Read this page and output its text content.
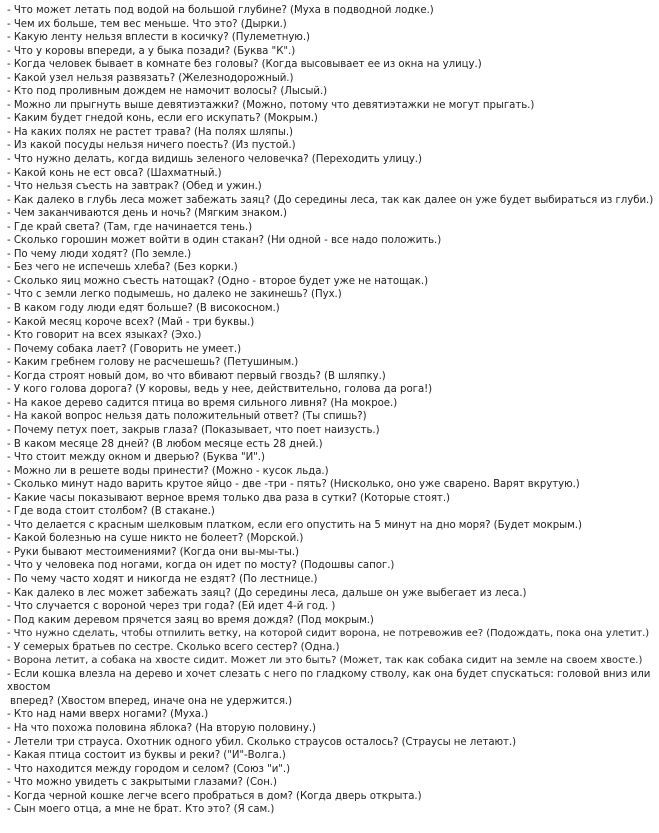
- Что может летать под водой на большой глубине? (Муха в подводной лодке.)
- Чем их больше, тем вес меньше. Что это? (Дырки.)
- Какую ленту нельзя вплести в косичку? (Пулеметную.)
- Что у коровы впереди, а у быка позади? (Буква "К".)
- Когда человек бывает в комнате без головы? (Когда высовывает ее из окна на улицу.)
- Какой узел нельзя развязать? (Железнодорожный.)
- Кто под проливным дождем не намочит волосы? (Лысый.)
- Можно ли прыгнуть выше девятиэтажки? (Можно, потому что девятиэтажки не могут прыгать.)
- Каким будет гнедой конь, если его искупать? (Мокрым.)
- На каких полях не растет трава? (На полях шляпы.)
- Из какой посуды нельзя ничего поесть? (Из пустой.)
- Что нужно делать, когда видишь зеленого человечка? (Переходить улицу.)
- Какой конь не ест овса? (Шахматный.)
- Что нельзя съесть на завтрак? (Обед и ужин.)
- Как далеко в глубь леса может забежать заяц? (До середины леса, так как далее он уже будет выбираться из глуби.)
- Чем заканчиваются день и ночь? (Мягким знаком.)
- Где край света? (Там, где начинается тень.)
- Сколько горошин может войти в один стакан? (Ни одной - все надо положить.)
- По чему люди ходят? (По земле.)
- Без чего не испечешь хлеба? (Без корки.)
- Сколько яиц можно съесть натощак? (Одно - второе будет уже не натощак.)
- Что с земли легко подымешь, но далеко не закинешь? (Пух.)
- В каком году люди едят больше? (В високосном.)
- Какой месяц короче всех? (Май - три буквы.)
- Кто говорит на всех языках? (Эхо.)
- Почему собака лает? (Говорить не умеет.)
- Каким гребнем голову не расчешешь? (Петушиным.)
- Когда строят новый дом, во что вбивают первый гвоздь? (В шляпку.)
- У кого голова дорога? (У коровы, ведь у нее, действительно, голова да рога!)
- На какое дерево садится птица во время сильного ливня? (На мокрое.)
- На какой вопрос нельзя дать положительный ответ? (Ты спишь?)
- Почему петух поет, закрыв глаза? (Показывает, что поет наизусть.)
- В каком месяце 28 дней? (В любом месяце есть 28 дней.)
- Что стоит между окном и дверью? (Буква "И".)
- Можно ли в решете воды принести? (Можно - кусок льда.)
- Сколько минут надо варить крутое яйцо - две -три - пять? (Нисколько, оно уже сварено. Варят вкрутую.)
- Какие часы показывают верное время только два раза в сутки? (Которые стоят.)
- Где вода стоит столбом? (В стакане.)
- Что делается с красным шелковым платком, если его опустить на 5 минут на дно моря? (Будет мокрым.)
- Какой болезнью на суше никто не болеет? (Морской.)
- Руки бывают местоимениями? (Когда они вы-мы-ты.)
- Что у человека под ногами, когда он идет по мосту? (Подошвы сапог.)
- По чему часто ходят и никогда не ездят? (По лестнице.)
- Как далеко в лес может забежать заяц? (До середины леса, дальше он уже выбегает из леса.)
- Что случается с вороной через три года? (Ей идет 4-й год. )
- Под каким деревом прячется заяц во время дождя? (Под мокрым.)
- Что нужно сделать, чтобы отпилить ветку, на которой сидит ворона, не потревожив ее? (Подождать, пока она улетит.)
- У семерых братьев по сестре. Сколько всего сестер? (Одна.)
- Ворона летит, а собака на хвосте сидит. Может ли это быть? (Может, так как собака сидит на земле на своем хвосте.)
- Если кошка влезла на дерево и хочет слезать с него по гладкому стволу, как она будет спускаться: головой вниз или хвостом
вперед? (Хвостом вперед, иначе она не удержится.)
- Кто над нами вверх ногами? (Муха.)
- На что похожа половина яблока? (На вторую половину.)
- Летели три страуса. Охотник одного убил. Сколько страусов осталось? (Страусы не летают.)
- Какая птица состоит из буквы и реки? ("И"-Волга.)
- Что находится между городом и селом? (Союз "и".)
- Что можно увидеть с закрытыми глазами? (Сон.)
- Когда черной кошке легче всего пробраться в дом? (Когда дверь открыта.)
- Сын моего отца, а мне не брат. Кто это? (Я сам.)
